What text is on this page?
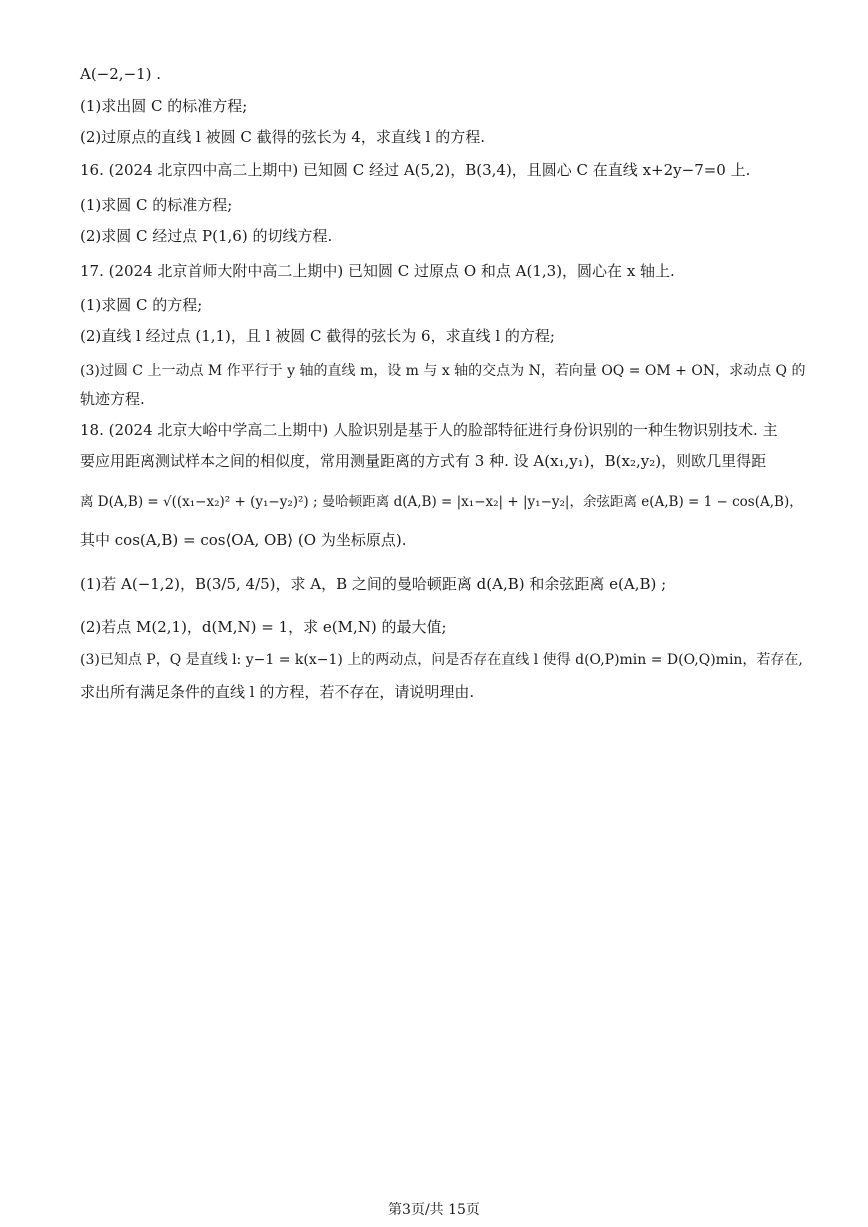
A(−2,−1) .
(1)求出圆 C 的标准方程;
(2)过原点的直线 l 被圆 C 截得的弦长为 4，求直线 l 的方程.
16. (2024 北京四中高二上期中) 已知圆 C 经过 A(5,2)，B(3,4)，且圆心 C 在直线 x+2y−7=0 上.
(1)求圆 C 的标准方程;
(2)求圆 C 经过点 P(1,6) 的切线方程.
17. (2024 北京首师大附中高二上期中) 已知圆 C 过原点 O 和点 A(1,3)，圆心在 x 轴上.
(1)求圆 C 的方程;
(2)直线 l 经过点 (1,1)，且 l 被圆 C 截得的弦长为 6，求直线 l 的方程;
(3)过圆 C 上一动点 M 作平行于 y 轴的直线 m，设 m 与 x 轴的交点为 N，若向量 OQ = OM + ON，求动点 Q 的
轨迹方程.
18. (2024 北京大峪中学高二上期中) 人脸识别是基于人的脸部特征进行身份识别的一种生物识别技术. 主
要应用距离测试样本之间的相似度，常用测量距离的方式有 3 种. 设 A(x₁,y₁)，B(x₂,y₂)，则欧几里得距
离 D(A,B) = √((x₁−x₂)² + (y₁−y₂)²) ; 曼哈顿距离 d(A,B) = |x₁−x₂| + |y₁−y₂|，余弦距离 e(A,B) = 1 − cos(A,B)，
其中 cos(A,B) = cos⟨OA, OB⟩ (O 为坐标原点).
(1)若 A(−1,2)，B(3/5, 4/5)，求 A，B 之间的曼哈顿距离 d(A,B) 和余弦距离 e(A,B) ;
(2)若点 M(2,1)，d(M,N) = 1，求 e(M,N) 的最大值;
(3)已知点 P，Q 是直线 l: y−1 = k(x−1) 上的两动点，问是否存在直线 l 使得 d(O,P)min = D(O,Q)min，若存在,
求出所有满足条件的直线 l 的方程，若不存在，请说明理由.
第3页/共 15页
